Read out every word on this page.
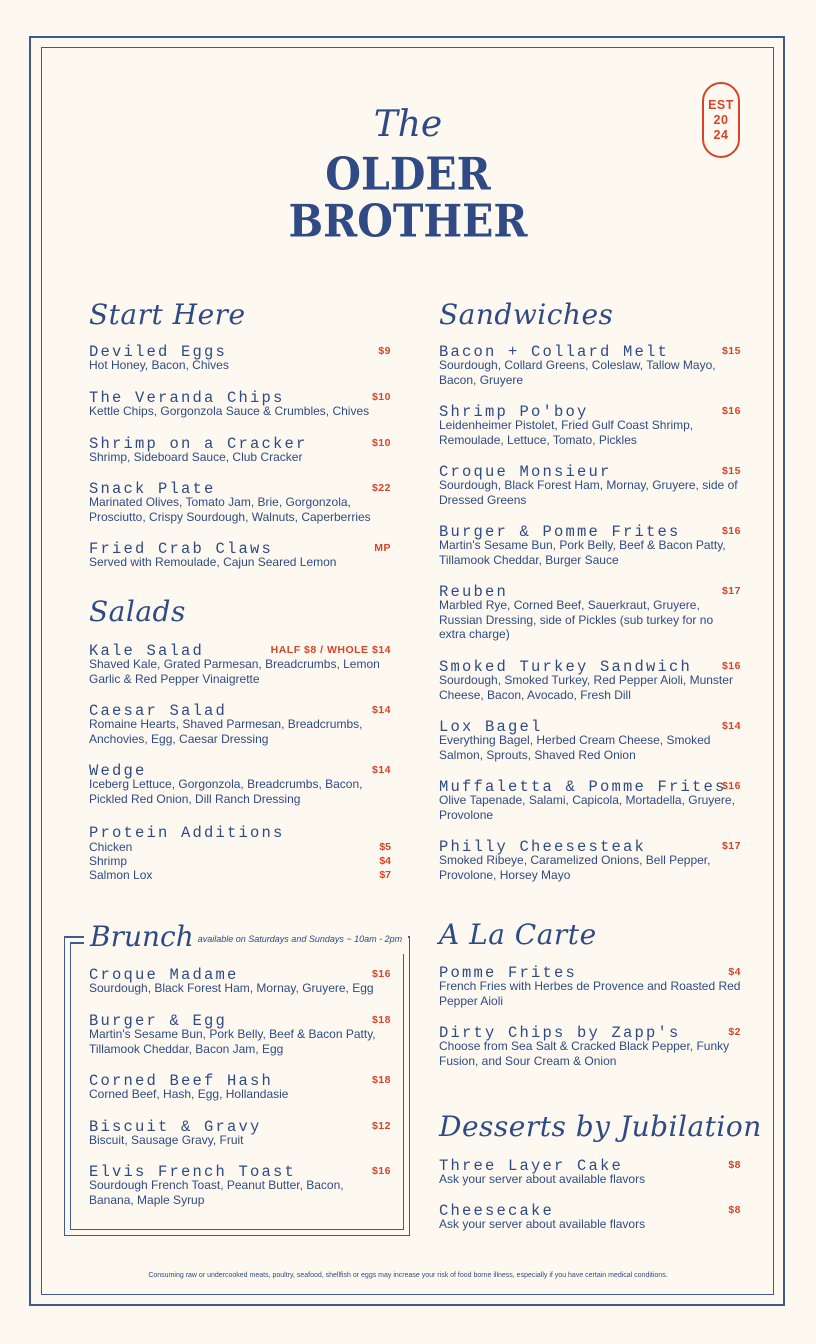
EST
20
24
The
OLDER
BROTHER
Start Here
Deviled Eggs	$9
Hot Honey, Bacon, Chives
The Veranda Chips	$10
Kettle Chips, Gorgonzola Sauce & Crumbles, Chives
Shrimp on a Cracker	$10
Shrimp, Sideboard Sauce, Club Cracker
Snack Plate	$22
Marinated Olives, Tomato Jam, Brie, Gorgonzola, Prosciutto, Crispy Sourdough, Walnuts, Caperberries
Fried Crab Claws	MP
Served with Remoulade, Cajun Seared Lemon
Salads
Kale Salad	HALF $8 / WHOLE $14
Shaved Kale, Grated Parmesan, Breadcrumbs, Lemon Garlic & Red Pepper Vinaigrette
Caesar Salad	$14
Romaine Hearts, Shaved Parmesan, Breadcrumbs, Anchovies, Egg, Caesar Dressing
Wedge	$14
Iceberg Lettuce, Gorgonzola, Breadcrumbs, Bacon, Pickled Red Onion, Dill Ranch Dressing
Protein Additions
Chicken	$5
Shrimp	$4
Salmon Lox	$7
Brunch available on Saturdays and Sundays ~ 10am - 2pm
Croque Madame	$16
Sourdough, Black Forest Ham, Mornay, Gruyere, Egg
Burger & Egg	$18
Martin's Sesame Bun, Pork Belly, Beef & Bacon Patty, Tillamook Cheddar, Bacon Jam, Egg
Corned Beef Hash	$18
Corned Beef, Hash, Egg, Hollandasie
Biscuit & Gravy	$12
Biscuit, Sausage Gravy, Fruit
Elvis French Toast	$16
Sourdough French Toast, Peanut Butter, Bacon, Banana, Maple Syrup
Sandwiches
Bacon + Collard Melt	$15
Sourdough, Collard Greens, Coleslaw, Tallow Mayo, Bacon, Gruyere
Shrimp Po'boy	$16
Leidenheimer Pistolet, Fried Gulf Coast Shrimp, Remoulade, Lettuce, Tomato, Pickles
Croque Monsieur	$15
Sourdough, Black Forest Ham, Mornay, Gruyere, side of Dressed Greens
Burger & Pomme Frites	$16
Martin's Sesame Bun, Pork Belly, Beef & Bacon Patty, Tillamook Cheddar, Burger Sauce
Reuben	$17
Marbled Rye, Corned Beef, Sauerkraut, Gruyere, Russian Dressing, side of Pickles (sub turkey for no extra charge)
Smoked Turkey Sandwich	$16
Sourdough, Smoked Turkey, Red Pepper Aioli, Munster Cheese, Bacon, Avocado, Fresh Dill
Lox Bagel	$14
Everything Bagel, Herbed Cream Cheese, Smoked Salmon, Sprouts, Shaved Red Onion
Muffaletta & Pomme Frites
$16
Olive Tapenade, Salami, Capicola, Mortadella, Gruyere, Provolone
Philly Cheesesteak	$17
Smoked Ribeye, Caramelized Onions, Bell Pepper, Provolone, Horsey Mayo
A La Carte
Pomme Frites	$4
French Fries with Herbes de Provence and Roasted Red Pepper Aioli
Dirty Chips by Zapp's	$2
Choose from Sea Salt & Cracked Black Pepper, Funky Fusion, and Sour Cream & Onion
Desserts by Jubilation
Three Layer Cake	$8
Ask your server about available flavors
Cheesecake	$8
Ask your server about available flavors
Consuming raw or undercooked meats, poultry, seafood, shellfish or eggs may increase your risk of food borne illness, especially if you have certain medical conditions.
